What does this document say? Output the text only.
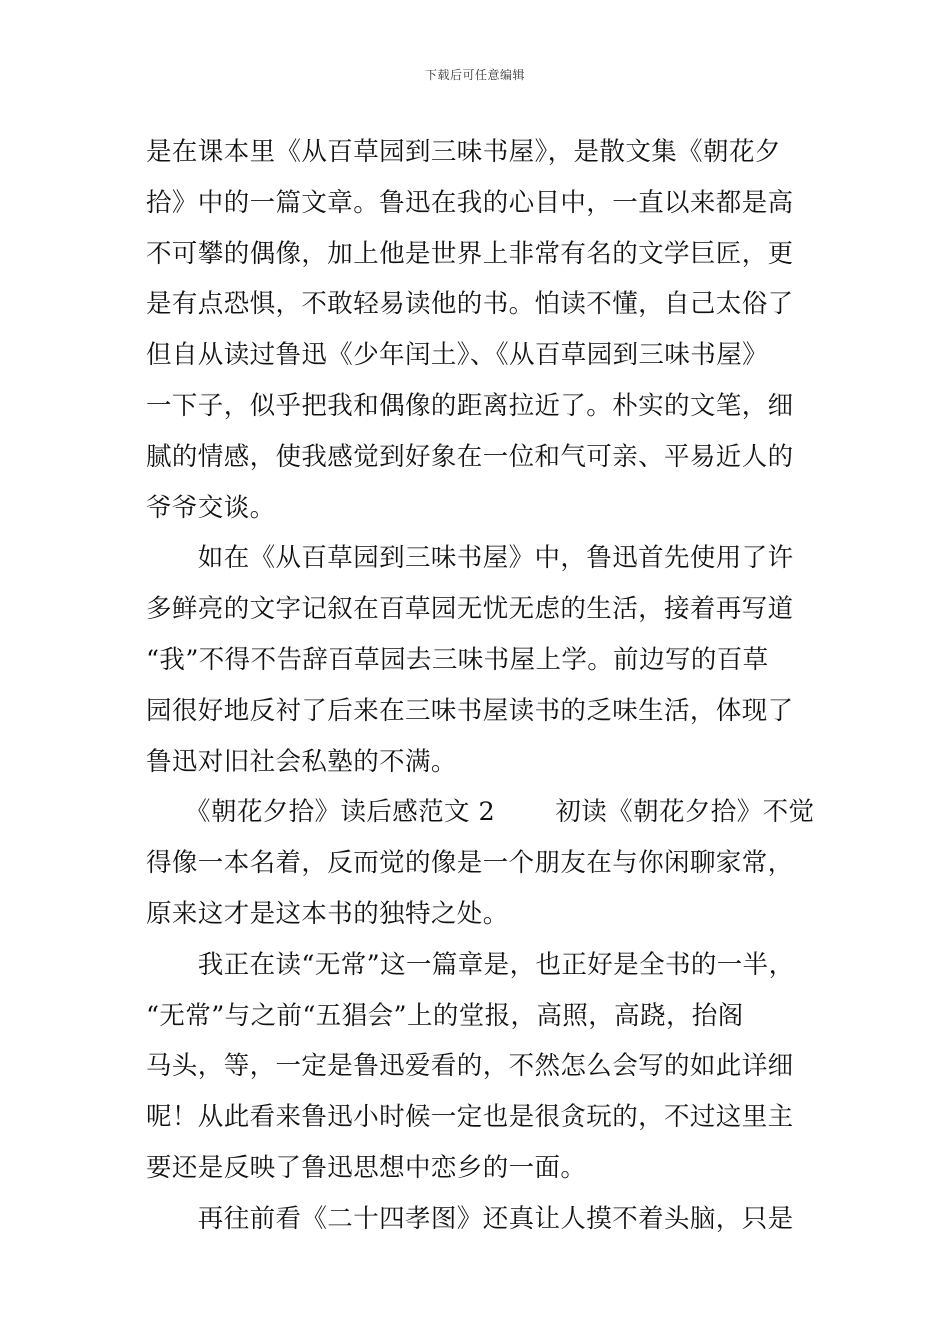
下载后可任意编辑
是在课本里《从百草园到三味书屋》，是散文集《朝花夕
拾》中的一篇文章。鲁迅在我的心目中，一直以来都是高
不可攀的偶像，加上他是世界上非常有名的文学巨匠，更
是有点恐惧，不敢轻易读他的书。怕读不懂，自己太俗了
但自从读过鲁迅《少年闰土》、《从百草园到三味书屋》
一下子，似乎把我和偶像的距离拉近了。朴实的文笔，细
腻的情感，使我感觉到好象在一位和气可亲、平易近人的
爷爷交谈。
　　如在《从百草园到三味书屋》中，鲁迅首先使用了许
多鲜亮的文字记叙在百草园无忧无虑的生活，接着再写道
“我”不得不告辞百草园去三味书屋上学。前边写的百草
园很好地反衬了后来在三味书屋读书的乏味生活，体现了
鲁迅对旧社会私塾的不满。
　　《朝花夕拾》读后感范文 2　　 初读《朝花夕拾》不觉
得像一本名着，反而觉的像是一个朋友在与你闲聊家常，
原来这才是这本书的独特之处。
　　我正在读“无常”这一篇章是，也正好是全书的一半，
“无常”与之前“五猖会”上的堂报，高照，高跷，抬阁
马头，等，一定是鲁迅爱看的，不然怎么会写的如此详细
呢！从此看来鲁迅小时候一定也是很贪玩的，不过这里主
要还是反映了鲁迅思想中恋乡的一面。
　　再往前看《二十四孝图》还真让人摸不着头脑，只是
